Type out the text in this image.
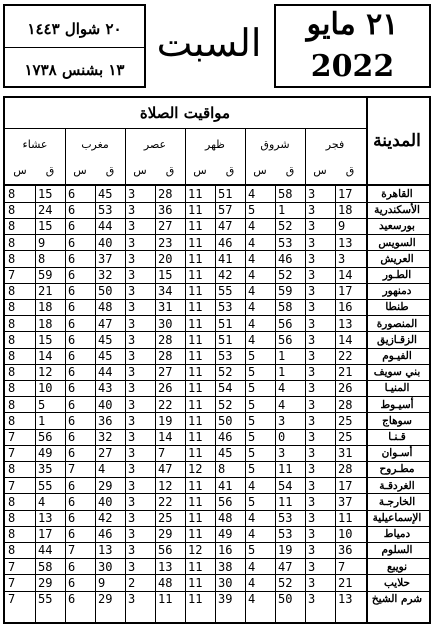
٢١ مايو
2022
السبت
٢٠ شوال ١٤٤٣
١٣ بشنس ١٧٣٨
المدينة
مواقيت الصلاة
فجر
ق
س
شروق
ق
س
ظهر
ق
س
عصر
ق
س
مغرب
ق
س
عشاء
ق
س
القاهرة
17
3
58
4
51
11
28
3
45
6
15
8
الأسكندرية
18
3
1
5
57
11
36
3
53
6
24
8
بورسعيد
9
3
52
4
47
11
27
3
44
6
15
8
السويس
13
3
53
4
46
11
23
3
40
6
9
8
العريش
3
3
46
4
41
11
20
3
37
6
8
8
الطـور
14
3
52
4
42
11
15
3
32
6
59
7
دمنهور
17
3
59
4
55
11
34
3
50
6
21
8
طنطا
16
3
58
4
53
11
31
3
48
6
18
8
المنصورة
13
3
56
4
51
11
30
3
47
6
18
8
الزقـازيق
14
3
56
4
51
11
28
3
45
6
15
8
الفيـوم
22
3
1
5
53
11
28
3
45
6
14
8
بني سويف
21
3
1
5
52
11
27
3
44
6
12
8
المنيـا
26
3
4
5
54
11
26
3
43
6
10
8
أسيـوط
28
3
4
5
52
11
22
3
40
6
5
8
سوهاج
25
3
3
5
50
11
19
3
36
6
1
8
قـنـا
25
3
0
5
46
11
14
3
32
6
56
7
أسـوان
31
3
3
5
45
11
7
3
27
6
49
7
مطـروح
28
3
11
5
8
12
47
3
4
7
35
8
الغردقـة
17
3
54
4
41
11
12
3
29
6
55
7
الخارجـة
37
3
11
5
56
11
22
3
40
6
4
8
الإسماعيلية
11
3
53
4
48
11
25
3
42
6
13
8
دمياط
10
3
53
4
49
11
29
3
46
6
17
8
السلوم
36
3
19
5
16
12
56
3
13
7
44
8
نويبع
7
3
47
4
38
11
13
3
30
6
58
7
حلايب
21
3
52
4
30
11
48
2
9
6
29
7
شرم الشيخ
13
3
50
4
39
11
11
3
29
6
55
7
